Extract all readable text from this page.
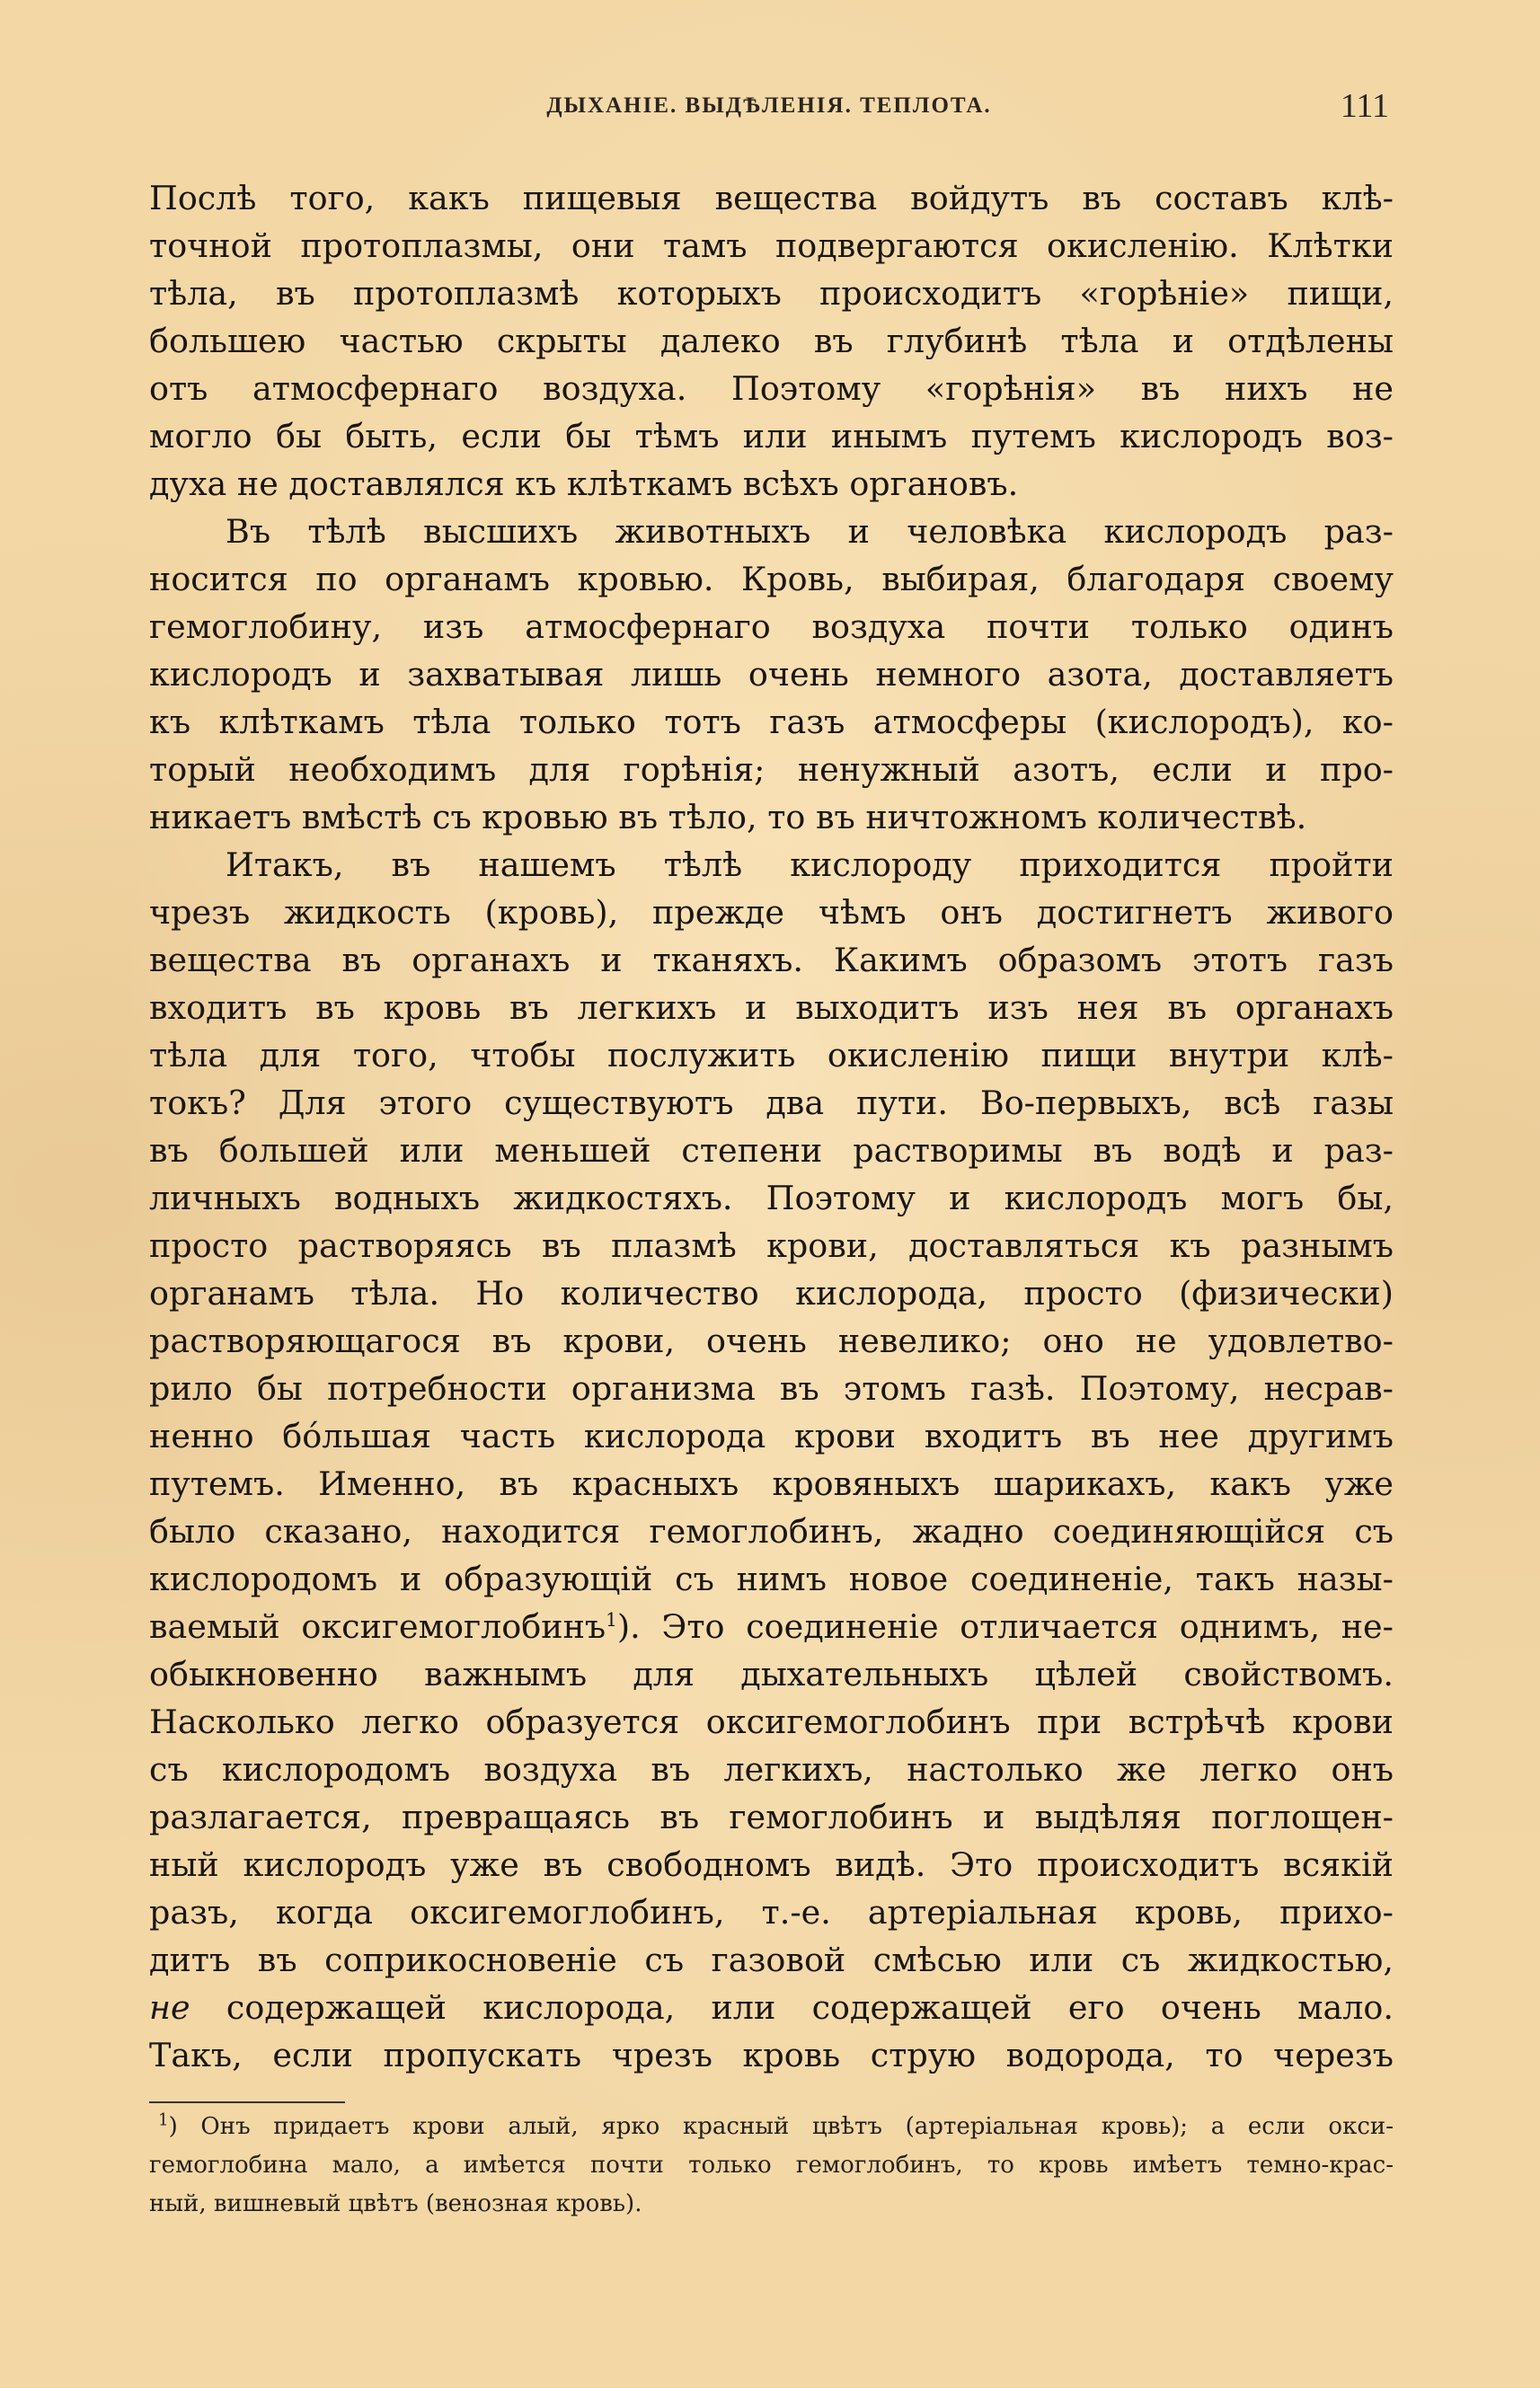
ДЫХАНІЕ. ВЫДѢЛЕНІЯ. ТЕПЛОТА.	111
Послѣ того, какъ пищевыя вещества войдутъ въ составъ клѣ-
точной протоплазмы, они тамъ подвергаются окисленію. Клѣтки
тѣла, въ протоплазмѣ которыхъ происходитъ «горѣніе» пищи,
большею частью скрыты далеко въ глубинѣ тѣла и отдѣлены
отъ атмосфернаго воздуха. Поэтому «горѣнія» въ нихъ не
могло бы быть, если бы тѣмъ или инымъ путемъ кислородъ воз-
духа не доставлялся къ клѣткамъ всѣхъ органовъ.
Въ тѣлѣ высшихъ животныхъ и человѣка кислородъ раз-
носится по органамъ кровью. Кровь, выбирая, благодаря своему
гемоглобину, изъ атмосфернаго воздуха почти только одинъ
кислородъ и захватывая лишь очень немного азота, доставляетъ
къ клѣткамъ тѣла только тотъ газъ атмосферы (кислородъ), ко-
торый необходимъ для горѣнія; ненужный азотъ, если и про-
никаетъ вмѣстѣ съ кровью въ тѣло, то въ ничтожномъ количествѣ.
Итакъ, въ нашемъ тѣлѣ кислороду приходится пройти
чрезъ жидкость (кровь), прежде чѣмъ онъ достигнетъ живого
вещества въ органахъ и тканяхъ. Какимъ образомъ этотъ газъ
входитъ въ кровь въ легкихъ и выходитъ изъ нея въ органахъ
тѣла для того, чтобы послужить окисленію пищи внутри клѣ-
токъ? Для этого существуютъ два пути. Во-первыхъ, всѣ газы
въ большей или меньшей степени растворимы въ водѣ и раз-
личныхъ водныхъ жидкостяхъ. Поэтому и кислородъ могъ бы,
просто растворяясь въ плазмѣ крови, доставляться къ разнымъ
органамъ тѣла. Но количество кислорода, просто (физически)
растворяющагося въ крови, очень невелико; оно не удовлетво-
рило бы потребности организма въ этомъ газѣ. Поэтому, несрав-
ненно бóльшая часть кислорода крови входитъ въ нее другимъ
путемъ. Именно, въ красныхъ кровяныхъ шарикахъ, какъ уже
было сказано, находится гемоглобинъ, жадно соединяющійся съ
кислородомъ и образующій съ нимъ новое соединеніе, такъ назы-
ваемый оксигемоглобинъ$^1$). Это соединеніе отличается однимъ, не-
обыкновенно важнымъ для дыхательныхъ цѣлей свойствомъ.
Насколько легко образуется оксигемоглобинъ при встрѣчѣ крови
съ кислородомъ воздуха въ легкихъ, настолько же легко онъ
разлагается, превращаясь въ гемоглобинъ и выдѣляя поглощен-
ный кислородъ уже въ свободномъ видѣ. Это происходитъ всякій
разъ, когда оксигемоглобинъ, т.-е. артеріальная кровь, прихо-
дитъ въ соприкосновеніе съ газовой смѣсью или съ жидкостью,
не содержащей кислорода, или содержащей его очень мало.
Такъ, если пропускать чрезъ кровь струю водорода, то черезъ
$^1$) Онъ придаетъ крови алый, ярко красный цвѣтъ (артеріальная кровь); а если окси-
гемоглобина мало, а имѣется почти только гемоглобинъ, то кровь имѣетъ темно-крас-
ный, вишневый цвѣтъ (венозная кровь).
